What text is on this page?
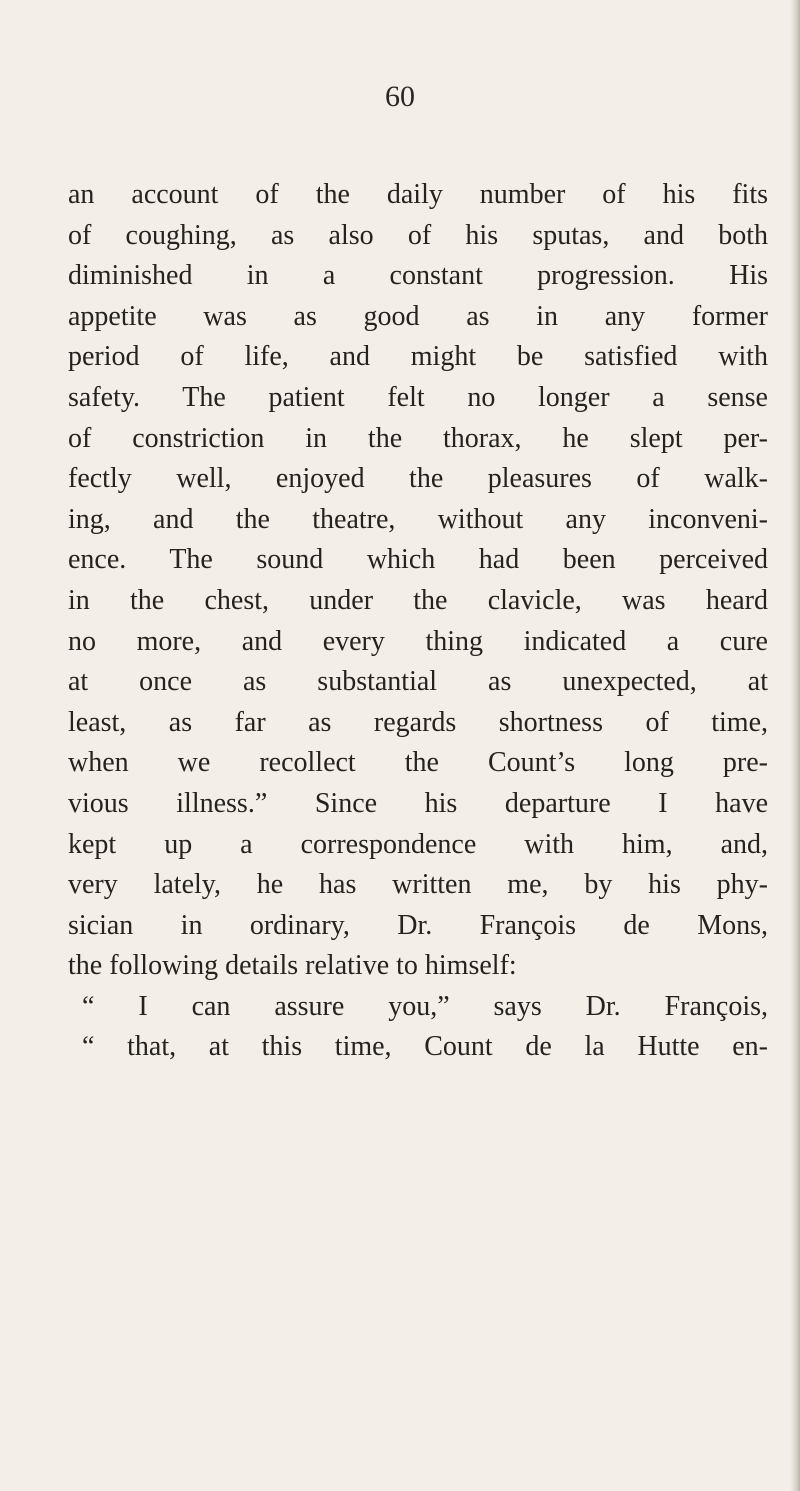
60
an account of the daily number of his fits
of coughing, as also of his sputas, and both
diminished in a constant progression. His
appetite was as good as in any former
period of life, and might be satisfied with
safety. The patient felt no longer a sense
of constriction in the thorax, he slept per-
fectly well, enjoyed the pleasures of walk-
ing, and the theatre, without any inconveni-
ence. The sound which had been perceived
in the chest, under the clavicle, was heard
no more, and every thing indicated a cure
at once as substantial as unexpected, at
least, as far as regards shortness of time,
when we recollect the Count’s long pre-
vious illness.” Since his departure I have
kept up a correspondence with him, and,
very lately, he has written me, by his phy-
sician in ordinary, Dr. François de Mons,
the following details relative to himself:
“ I can assure you,” says Dr. François,
“ that, at this time, Count de la Hutte en-
